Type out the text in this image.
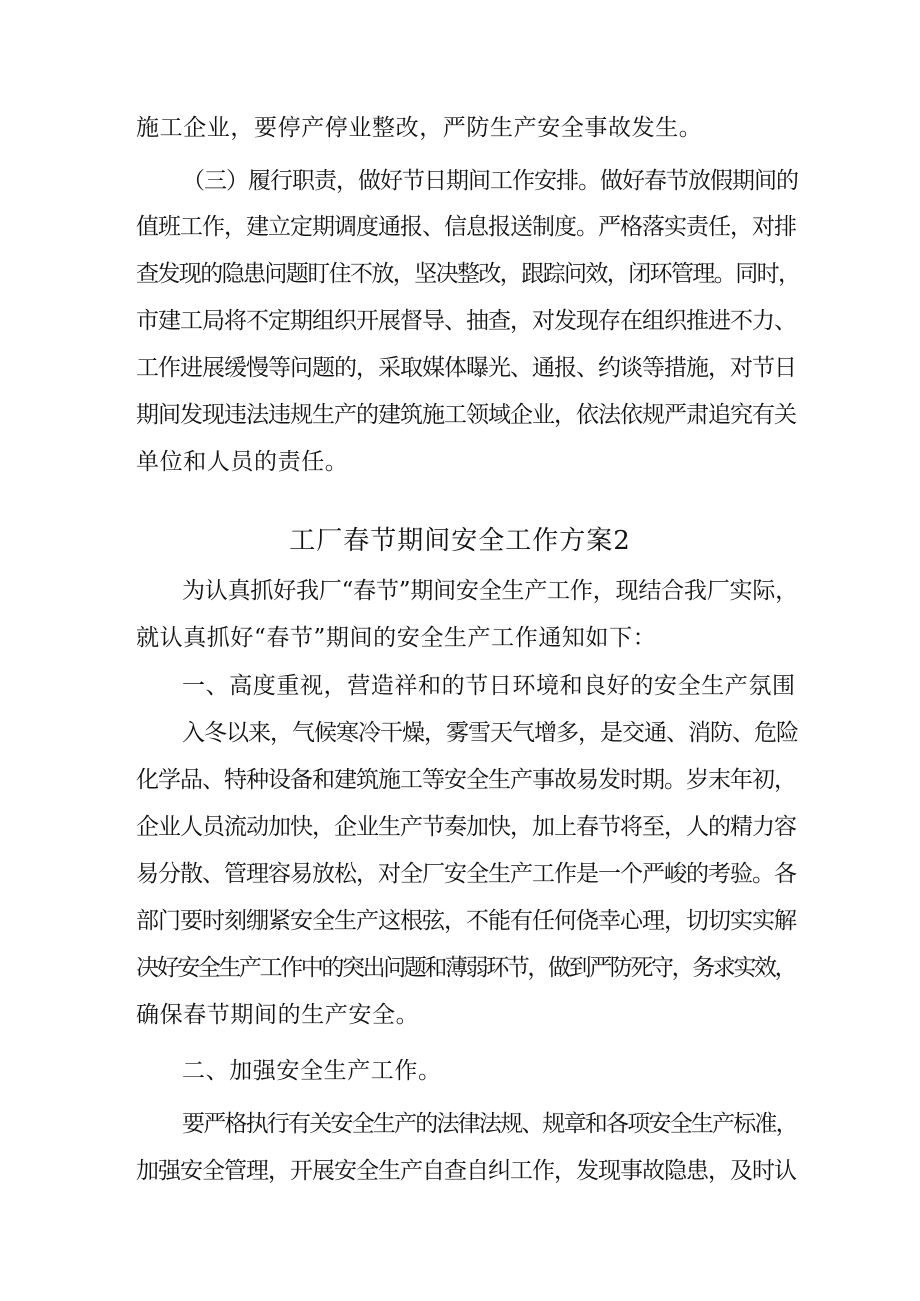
施工企业，要停产停业整改，严防生产安全事故发生。
（三）履行职责，做好节日期间工作安排。做好春节放假期间的
值班工作，建立定期调度通报、信息报送制度。严格落实责任，对排
查发现的隐患问题盯住不放，坚决整改，跟踪问效，闭环管理。同时，
市建工局将不定期组织开展督导、抽查，对发现存在组织推进不力、
工作进展缓慢等问题的，采取媒体曝光、通报、约谈等措施，对节日
期间发现违法违规生产的建筑施工领域企业，依法依规严肃追究有关
单位和人员的责任。
工厂春节期间安全工作方案2
为认真抓好我厂“春节”期间安全生产工作，现结合我厂实际，
就认真抓好“春节”期间的安全生产工作通知如下：
一、高度重视，营造祥和的节日环境和良好的安全生产氛围
入冬以来，气候寒冷干燥，雾雪天气增多，是交通、消防、危险
化学品、特种设备和建筑施工等安全生产事故易发时期。岁末年初，
企业人员流动加快，企业生产节奏加快，加上春节将至，人的精力容
易分散、管理容易放松，对全厂安全生产工作是一个严峻的考验。各
部门要时刻绷紧安全生产这根弦，不能有任何侥幸心理，切切实实解
决好安全生产工作中的突出问题和薄弱环节，做到严防死守，务求实效，
确保春节期间的生产安全。
二、加强安全生产工作。
要严格执行有关安全生产的法律法规、规章和各项安全生产标准，
加强安全管理，开展安全生产自查自纠工作，发现事故隐患，及时认
